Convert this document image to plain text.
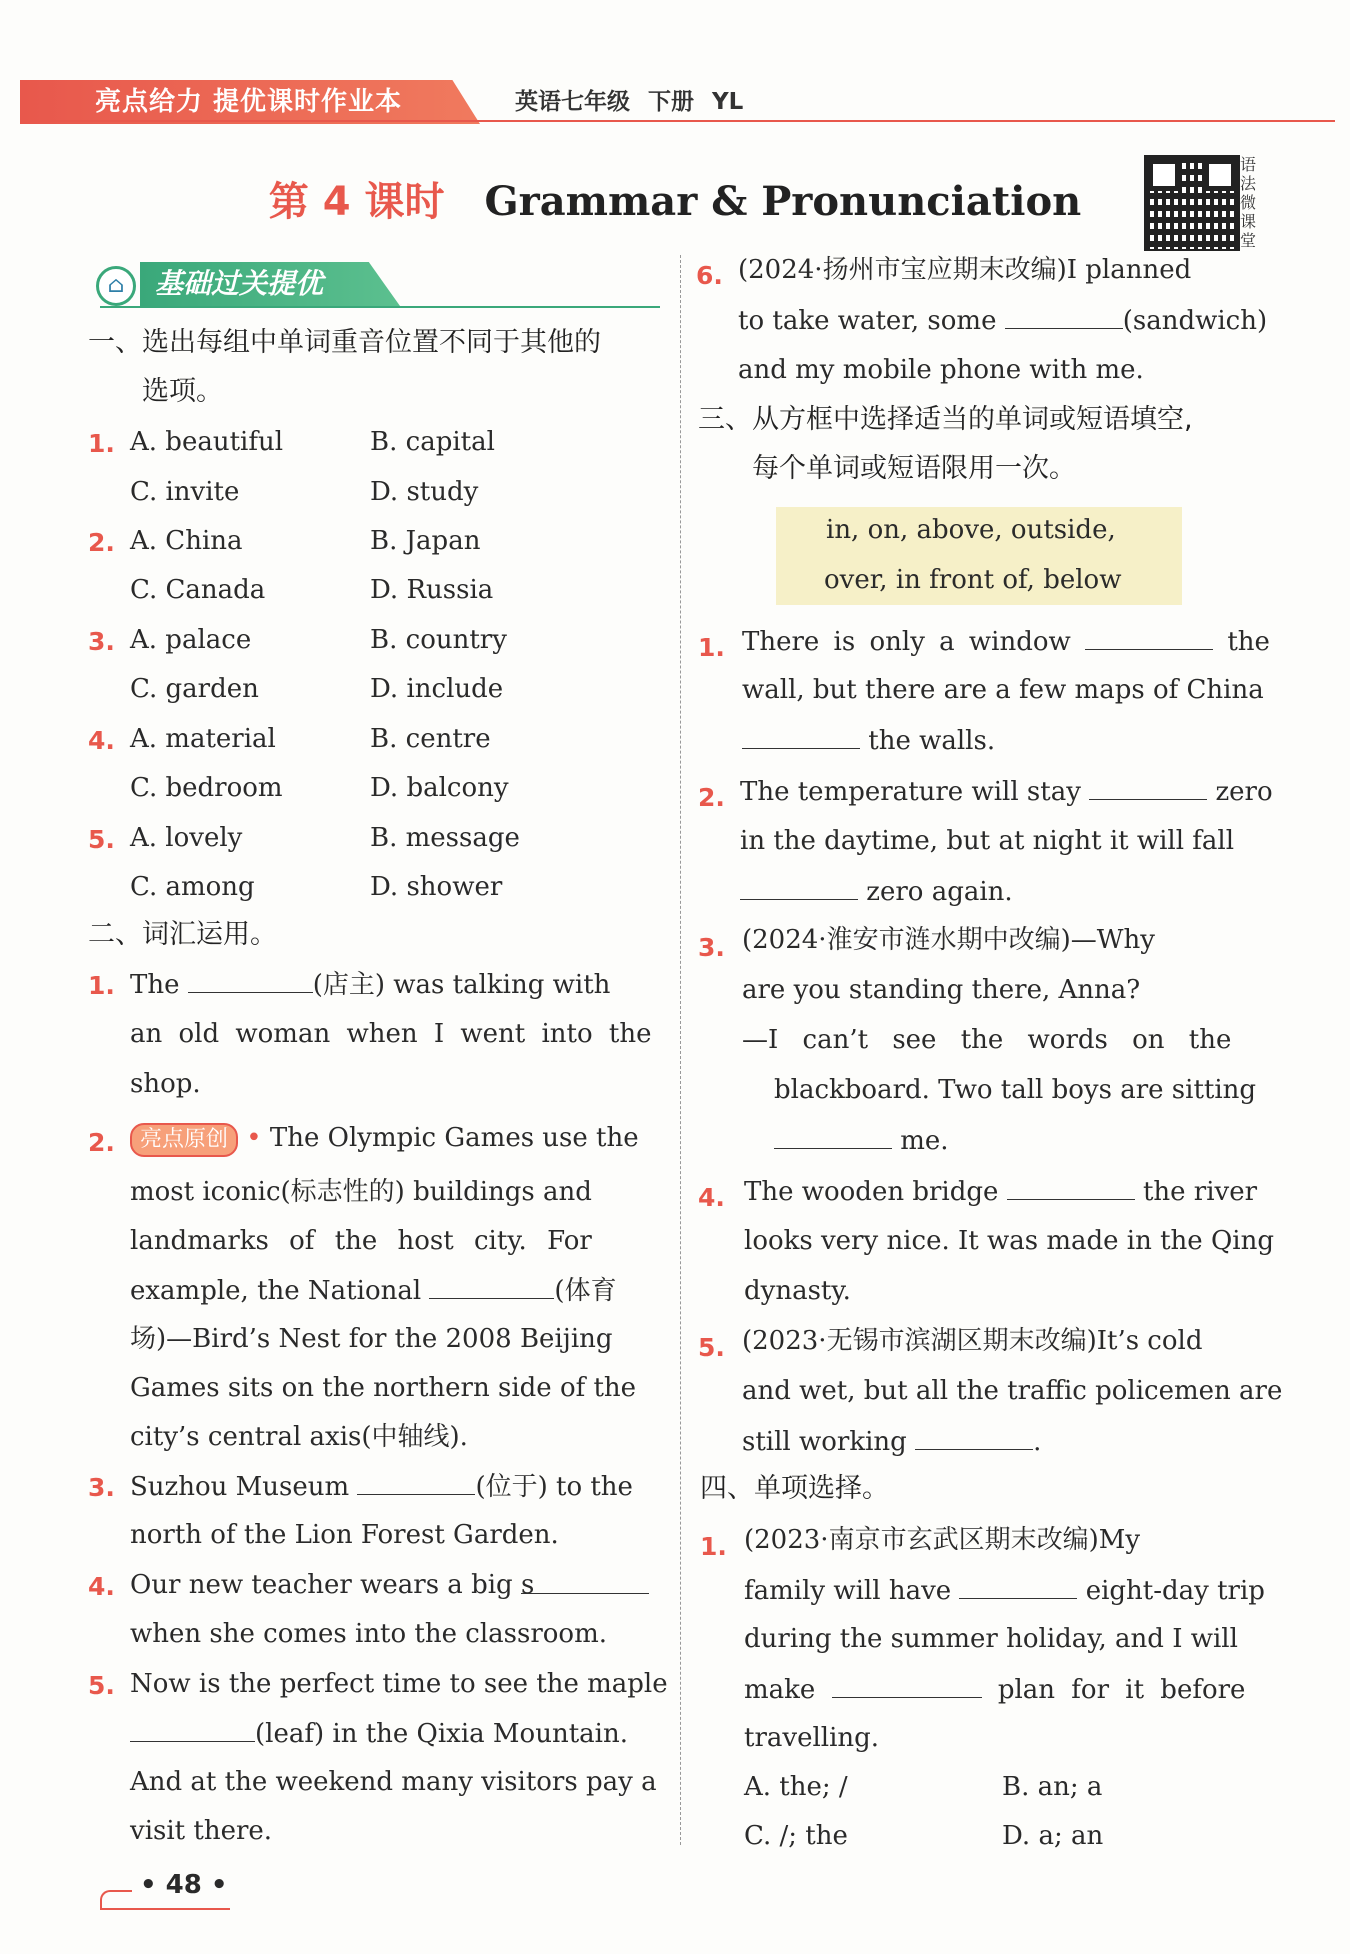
亮点给力 提优课时作业本	英语七年级 下册 YL
第 4 课时 Grammar & Pronunciation
语
法
微
课
堂
⌂	基础过关提优
一、选出每组中单词重音位置不同于其他的
选项。
1. A. beautiful	B. capital
C. invite	D. study
2. A. China	B. Japan
C. Canada	D. Russia
3. A. palace	B. country
C. garden	D. include
4. A. material	B. centre
C. bedroom	D. balcony
5. A. lovely	B. message
C. among	D. shower
二、词汇运用。
1. The	(店主) was talking with
an old woman when I went into the
shop.
2.	亮点原创 • The Olympic Games use the
most iconic(标志性的) buildings and
landmarks of the host city. For
example, the National	(体育
场)—Bird’s Nest for the 2008 Beijing
Games sits on the northern side of the
city’s central axis(中轴线).
3. Suzhou Museum	(位于) to the
north of the Lion Forest Garden.
4. Our new teacher wears a big s
when she comes into the classroom.
5. Now is the perfect time to see the maple
(leaf) in the Qixia Mountain.
And at the weekend many visitors pay a
visit there.
6. (2024·扬州市宝应期末改编)I planned
to take water, some	(sandwich)
and my mobile phone with me.
三、从方框中选择适当的单词或短语填空,
每个单词或短语限用一次。
in, on, above, outside,
over, in front of, below
1. There is only a window	the
wall, but there are a few maps of China
the walls.
2. The temperature will stay	zero
in the daytime, but at night it will fall
zero again.
3. (2024·淮安市涟水期中改编)—Why
are you standing there, Anna?
—I can’t see the words on the
blackboard. Two tall boys are sitting
me.
4. The wooden bridge	the river
looks very nice. It was made in the Qing
dynasty.
5. (2023·无锡市滨湖区期末改编)It’s cold
and wet, but all the traffic policemen are
still working	.
四、单项选择。
1. (2023·南京市玄武区期末改编)My
family will have	eight-day trip
during the summer holiday, and I will
make	plan for it before
travelling.
A. the; /	B. an; a
C. /; the	D. a; an
• 48 •
